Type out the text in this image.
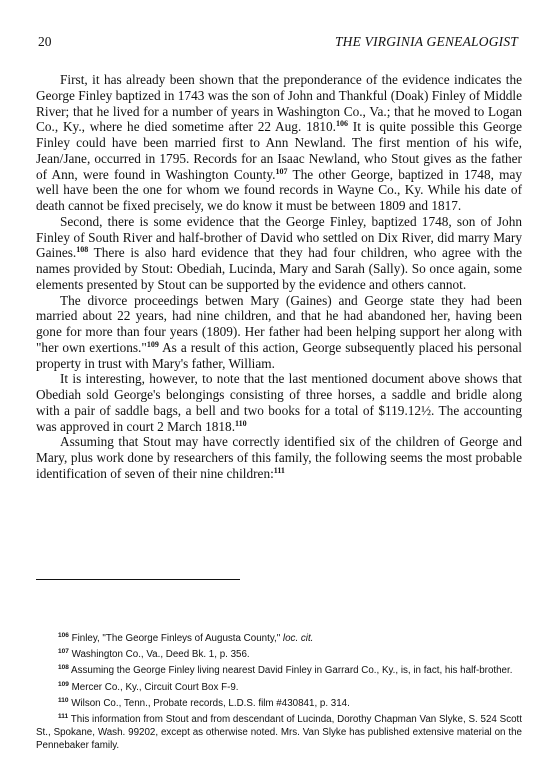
20	THE VIRGINIA GENEALOGIST

First, it has already been shown that the preponderance of the evidence indicates the George Finley baptized in 1743 was the son of John and Thankful (Doak) Finley of Middle River; that he lived for a number of years in Washington Co., Va.; that he moved to Logan Co., Ky., where he died sometime after 22 Aug. 1810.$^{106}$ It is quite possible this George Finley could have been married first to Ann Newland. The first mention of his wife, Jean/Jane, occurred in 1795. Records for an Isaac Newland, who Stout gives as the father of Ann, were found in Washington County.$^{107}$ The other George, baptized in 1748, may well have been the one for whom we found records in Wayne Co., Ky. While his date of death cannot be fixed precisely, we do know it must be between 1809 and 1817.

Second, there is some evidence that the George Finley, baptized 1748, son of John Finley of South River and half-brother of David who settled on Dix River, did marry Mary Gaines.$^{108}$ There is also hard evidence that they had four children, who agree with the names provided by Stout: Obediah, Lucinda, Mary and Sarah (Sally). So once again, some elements presented by Stout can be supported by the evidence and others cannot.

The divorce proceedings betwen Mary (Gaines) and George state they had been married about 22 years, had nine children, and that he had abandoned her, having been gone for more than four years (1809). Her father had been helping support her along with "her own exertions."$^{109}$ As a result of this action, George subsequently placed his personal property in trust with Mary's father, William.

It is interesting, however, to note that the last mentioned document above shows that Obediah sold George's belongings consisting of three horses, a saddle and bridle along with a pair of saddle bags, a bell and two books for a total of $119.12½. The accounting was approved in court 2 March 1818.$^{110}$

Assuming that Stout may have correctly identified six of the children of George and Mary, plus work done by researchers of this family, the following seems the most probable identification of seven of their nine children:$^{111}$

$^{106}$ Finley, "The George Finleys of Augusta County," loc. cit.

$^{107}$ Washington Co., Va., Deed Bk. 1, p. 356.

$^{108}$ Assuming the George Finley living nearest David Finley in Garrard Co., Ky., is, in fact, his half-brother.

$^{109}$ Mercer Co., Ky., Circuit Court Box F-9.

$^{110}$ Wilson Co., Tenn., Probate records, L.D.S. film #430841, p. 314.

$^{111}$ This information from Stout and from descendant of Lucinda, Dorothy Chapman Van Slyke, S. 524 Scott St., Spokane, Wash. 99202, except as otherwise noted. Mrs. Van Slyke has published extensive material on the Pennebaker family.
